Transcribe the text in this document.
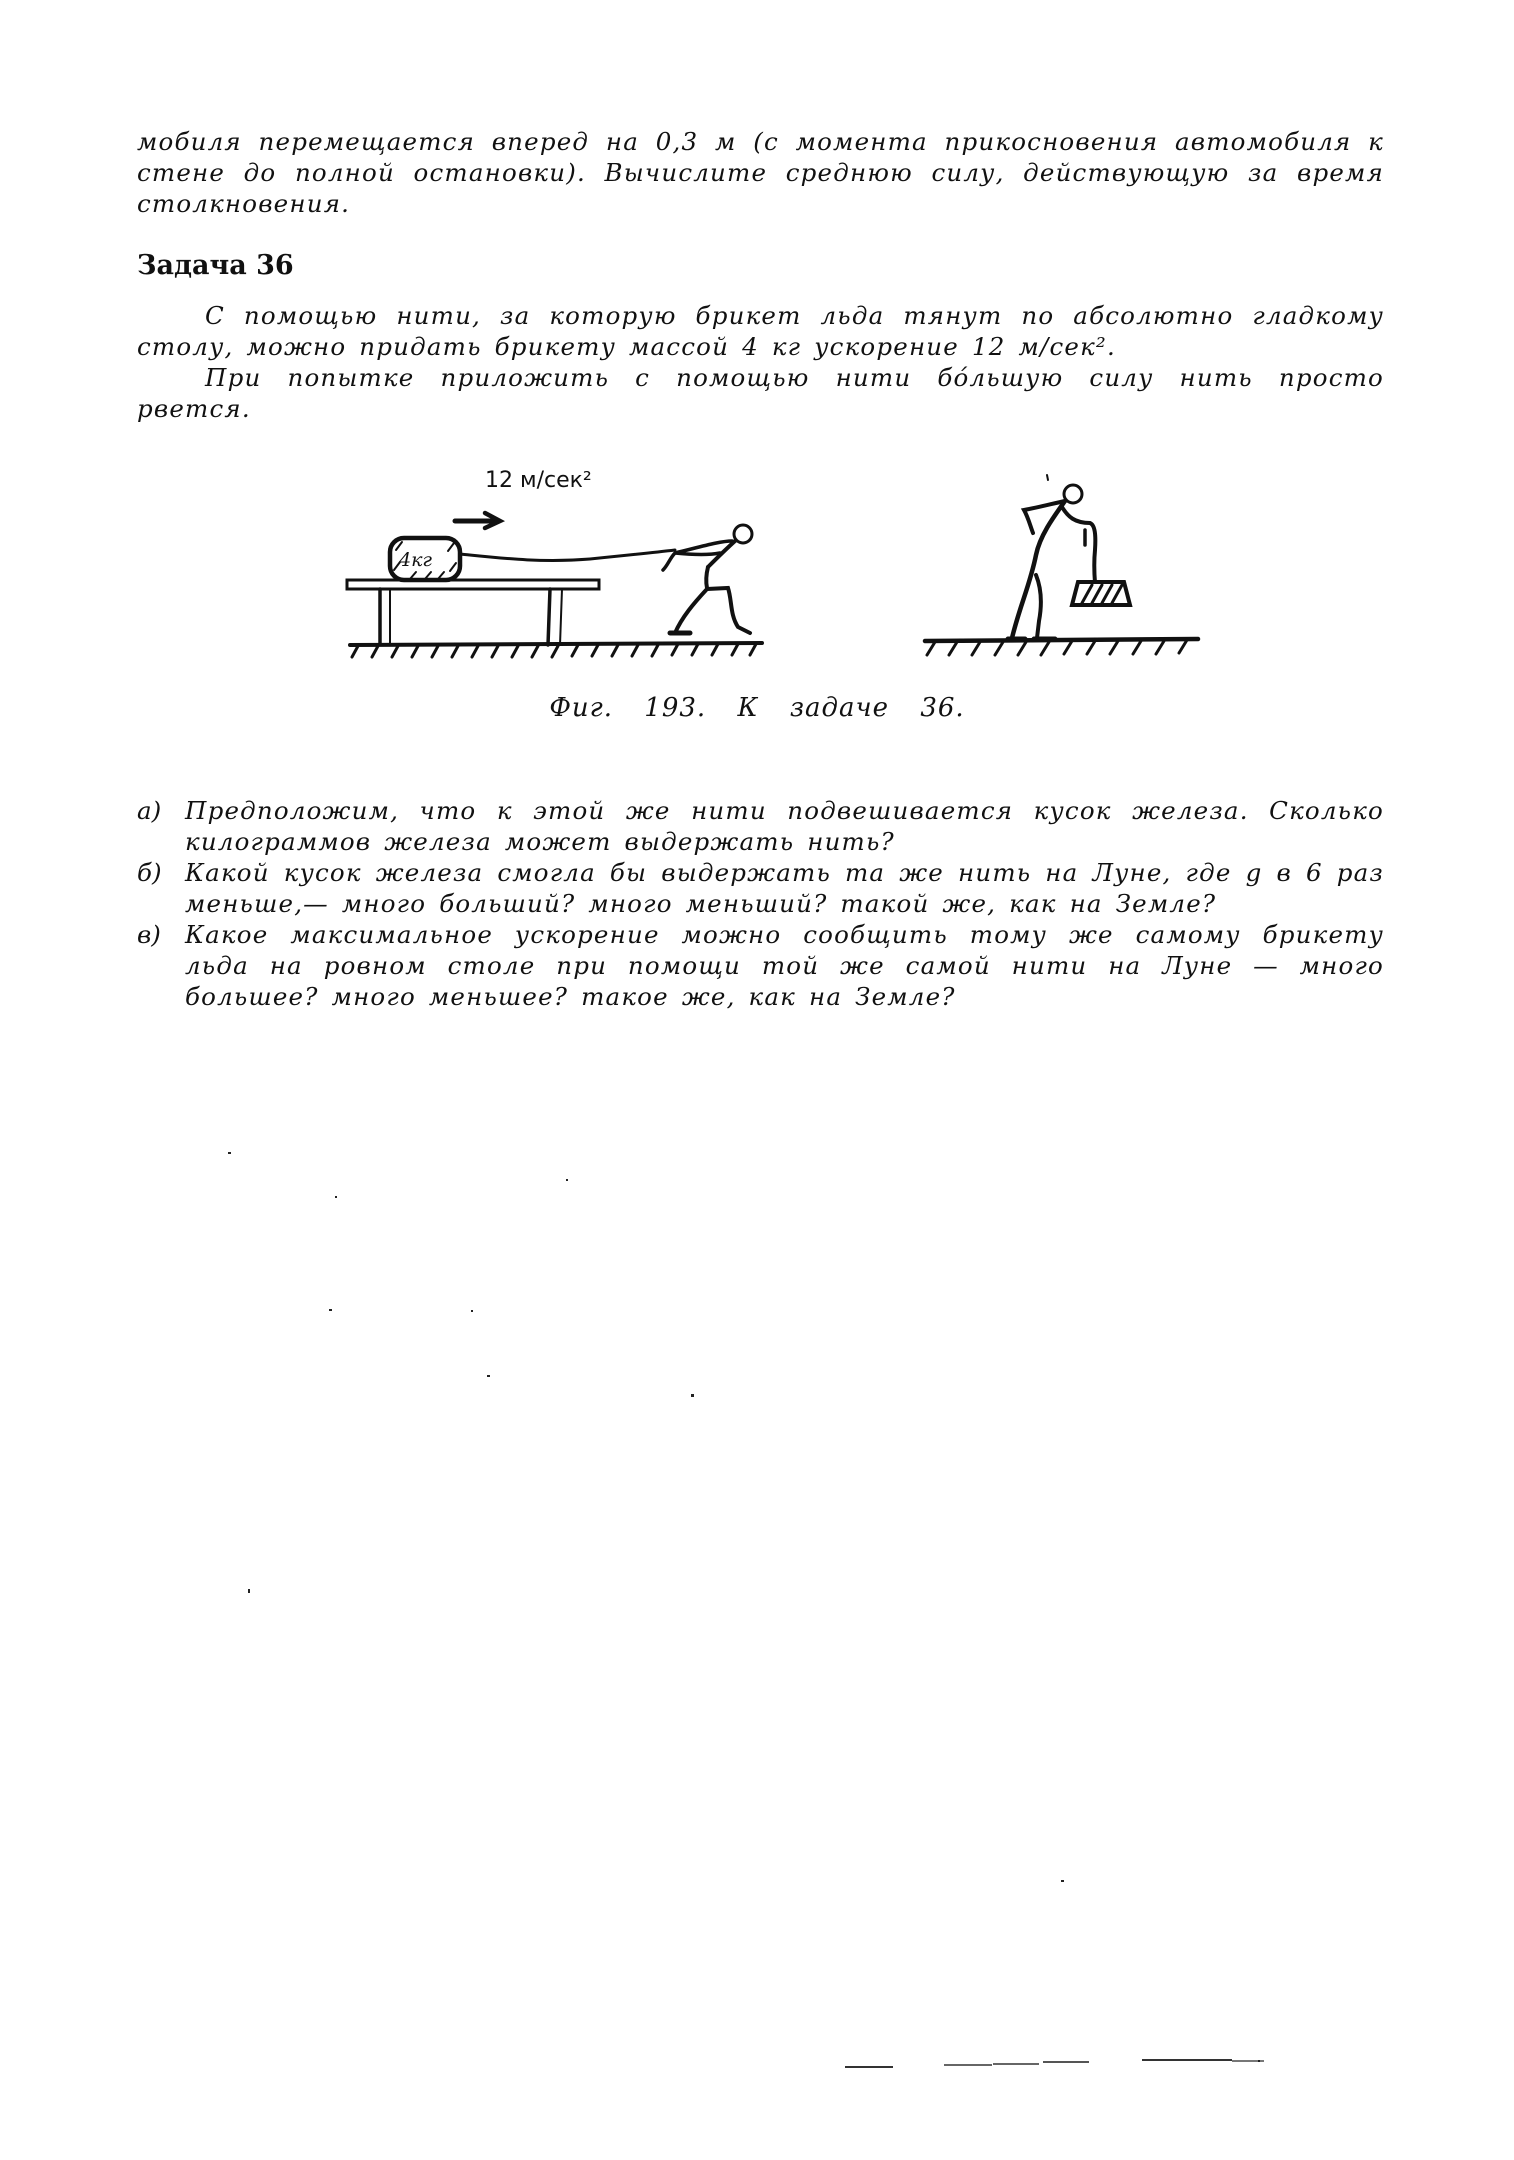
мобиля перемещается вперед на 0,3 м (с момента прикосновения автомобиля к стене до полной остановки). Вычислите среднюю силу, действующую за время столкновения.

Задача 36

С помощью нити, за которую брикет льда тянут по абсолютно гладкому столу, можно придать брикету массой 4 кг ускорение 12 м/сек².

При попытке приложить с помощью нити бо́льшую силу нить просто рвется.

12 м/сек²
4кг
Фиг. 193. К задаче 36.
а) Предположим, что к этой же нити подвешивается кусок железа. Сколько килограммов железа может выдержать нить?
б) Какой кусок железа смогла бы выдержать та же нить на Луне, где g в 6 раз меньше,— много больший? много меньший? такой же, как на Земле?
в) Какое максимальное ускорение можно сообщить тому же самому брикету льда на ровном столе при помощи той же самой нити на Луне — много большее? много меньшее? такое же, как на Земле?
